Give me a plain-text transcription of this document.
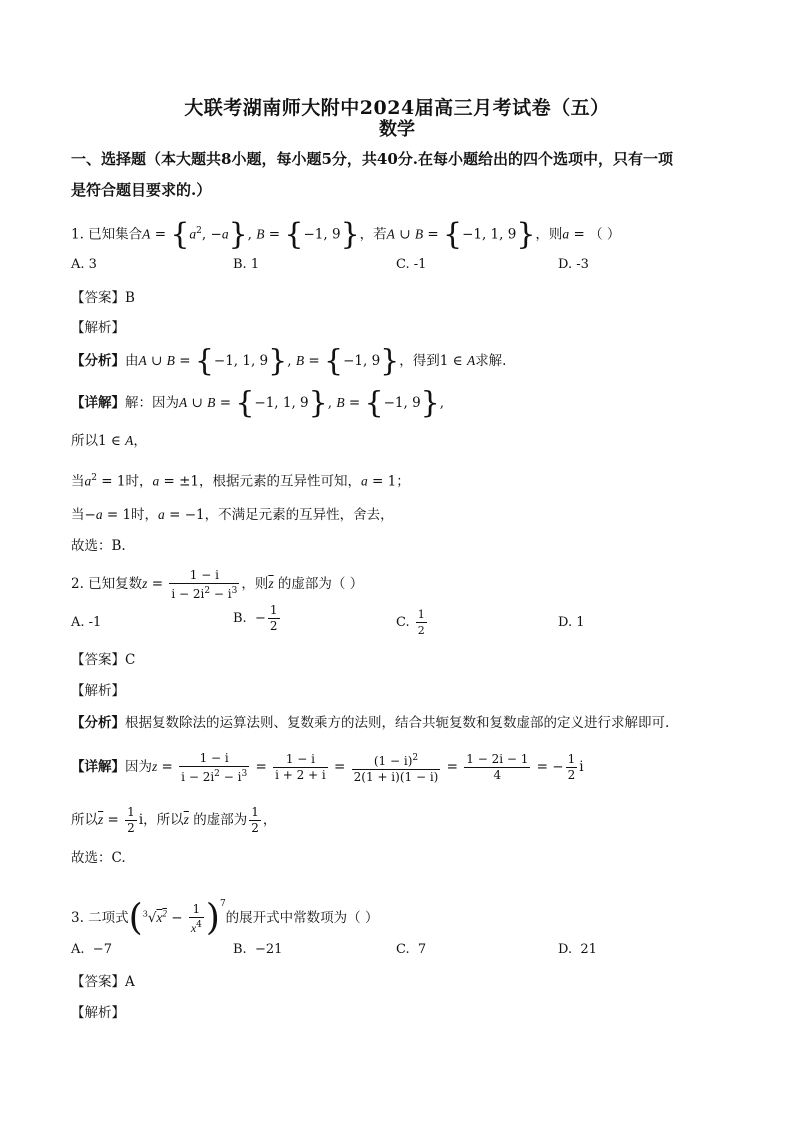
大联考湖南师大附中2024届高三月考试卷（五）
数学
一、选择题（本大题共8小题，每小题5分，共40分.在每小题给出的四个选项中，只有一项
是符合题目要求的.）
1. 已知集合$A = \{a^2$, −a}, B = {−1, 9}，若A ∪ B = {−1, 1, 9}，则a = （ ）
A. 3	B. 1	C. -1	D. -3
【答案】B
【解析】
【分析】由A ∪ B = {−1, 1, 9}, B = {−1, 9}，得到1 ∈ A求解.
【详解】解：因为A ∪ B = {−1, 1, 9}, B = {−1, 9},
所以1 ∈ A，
当$a^2 = 1$时，a = ±1，根据元素的互异性可知，a = 1；
当−a = 1时，a = −1，不满足元素的互异性，舍去，
故选：B.
2. 已知复数$z = \frac{1 - i}{i - 2i^2 - i^3}$ ，则$\overline{z}$ 的虚部为（ ）
A. -1	B.  − $\frac{1}{2}$	C. $\frac{1}{2}$	D. 1
【答案】C
【解析】
【分析】根据复数除法的运算法则、复数乘方的法则，结合共轭复数和复数虚部的定义进行求解即可.
【详解】因为$z = \frac{1 - i}{i - 2i^2 - i^3} = \frac{1 - i}{i + 2 + i} = \frac{(1 - i)^2}{2(1 + i)(1 - i)} = \frac{1 - 2i - 1}{4}$ = − $\frac{1}{2}$ i
所以$\overline{z} = \frac{1}{2}$ i，所以$\overline{z}$ 的虚部为 $\frac{1}{2}$ ，
故选：C.
3. 二项式$(^3√x^2 - \frac{1}{x^4} )^7$的展开式中常数项为（ ）
A. −7	B. −21	C. 7	D. 21
【答案】A
【解析】
